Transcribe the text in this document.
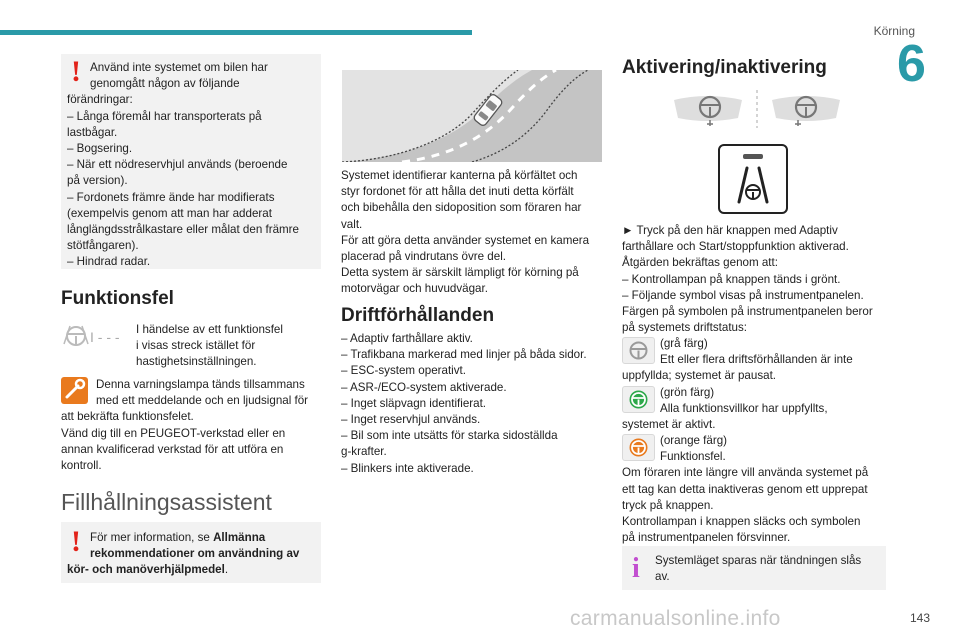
Körning
6
! Använd inte systemet om bilen har

genomgått någon av följande

förändringar:

– Långa föremål har transporterats på

lastbågar.

– Bogsering.

– När ett nödreservhjul används (beroende

på version).

– Fordonets främre ände har modifierats

(exempelvis genom att man har adderat

långlängdsstrålkastare eller målat den främre

stötfångaren).

– Hindrad radar.

Funktionsfel
I - - - I händelse av ett funktionsfel

i visas streck istället för

hastighetsinställningen.

Denna varningslampa tänds tillsammans

med ett meddelande och en ljudsignal för

att bekräfta funktionsfelet.

Vänd dig till en PEUGEOT-verkstad eller en

annan kvalificerad verkstad för att utföra en

kontroll.

Fillhållningsassistent
! För mer information, se Allmänna

rekommendationer om användning av

kör- och manöverhjälpmedel.

Systemet identifierar kanterna på körfältet och

styr fordonet för att hålla det inuti detta körfält

och bibehålla den sidoposition som föraren har

valt.

För att göra detta använder systemet en kamera

placerad på vindrutans övre del.

Detta system är särskilt lämpligt för körning på

motorvägar och huvudvägar.

Driftförhållanden

– Adaptiv farthållare aktiv.

– Trafikbana markerad med linjer på båda sidor.

– ESC-system operativt.

– ASR-/ECO-system aktiverade.

– Inget släpvagn identifierat.

– Inget reservhjul används.

– Bil som inte utsätts för starka sidoställda

g-krafter.

– Blinkers inte aktiverade.

Aktivering/inaktivering

► Tryck på den här knappen med Adaptiv

farthållare och Start/stoppfunktion aktiverad.

Åtgärden bekräftas genom att:

– Kontrollampan på knappen tänds i grönt.

– Följande symbol visas på instrumentpanelen.

Färgen på symbolen på instrumentpanelen beror

på systemets driftstatus:

(grå färg)

Ett eller flera driftsförhållanden är inte

uppfyllda; systemet är pausat.

(grön färg)

Alla funktionsvillkor har uppfyllts,

systemet är aktivt.

(orange färg)

Funktionsfel.

Om föraren inte längre vill använda systemet på

ett tag kan detta inaktiveras genom ett upprepat

tryck på knappen.

Kontrollampan i knappen släcks och symbolen

på instrumentpanelen försvinner.

i Systemläget sparas när tändningen slås

av.

carmanualsonline.info	143
